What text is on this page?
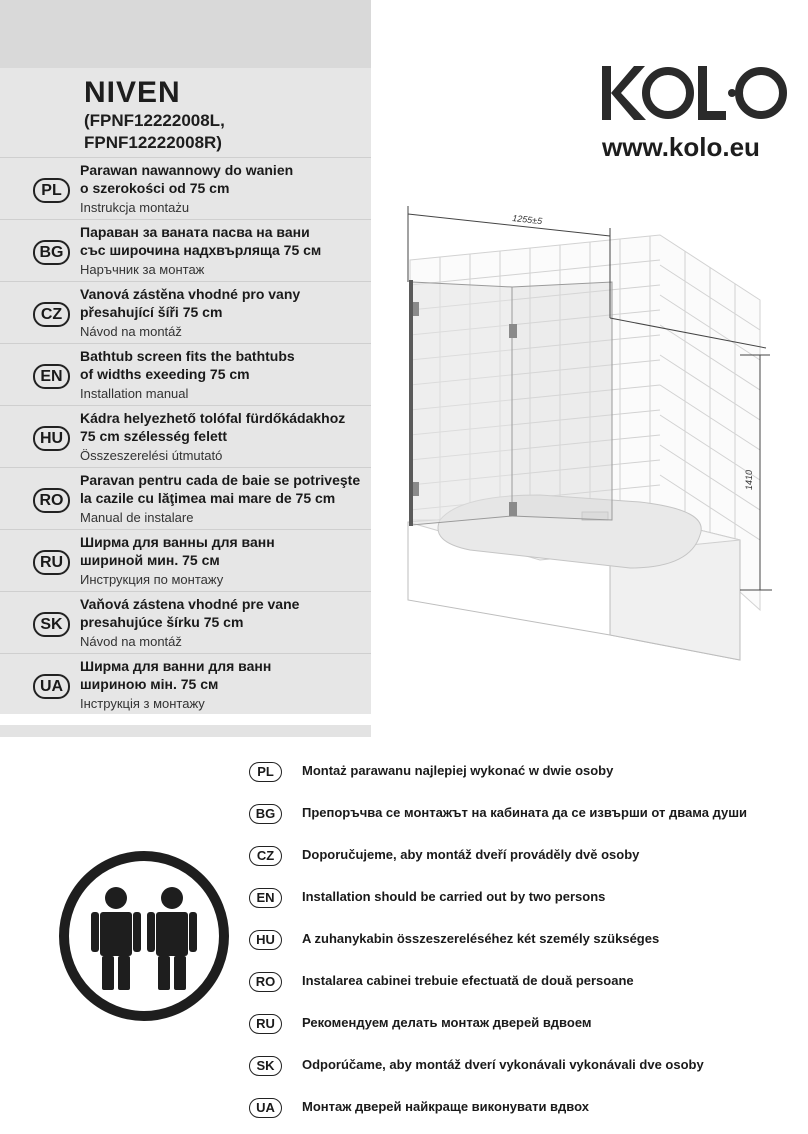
NIVEN
(FPNF12222008L,
FPNF12222008R)
PL
Parawan nawannowy do wanien
o szerokości od 75 cm
Instrukcja montażu
BG
Параван за ваната пасва на вани
със широчина надхвърляща 75 см
Наръчник за монтаж
CZ
Vanová zástěna vhodné pro vany
přesahující šíři 75 cm
Návod na montáž
EN
Bathtub screen fits the bathtubs
of widths exeeding 75 cm
Installation manual
HU
Kádra helyezhető tolófal fürdőkádakhoz
75 cm szélesség felett
Összeszerelési útmutató
RO
Paravan pentru cada de baie se potriveşte
la cazile cu lăţimea mai mare de 75 cm
Manual de instalare
RU
Ширма для ванны для ванн
шириной мин. 75 см
Инструкция по монтажу
SK
Vaňová zástena vhodné pre vane
presahujúce šírku 75 cm
Návod na montáž
UA
Ширма для ванни для ванн
шириною мін. 75 см
Інструкція з монтажу
www.kolo.eu
1255±5
1410
PL	Montaż parawanu najlepiej wykonać w dwie osoby
BG	Препоръчва се монтажът на кабината да се извърши от двама души
CZ	Doporučujeme, aby montáž dveří prováděly dvě osoby
EN	Installation should be carried out by two persons
HU	A zuhanykabin összeszereléséhez két személy szükséges
RO	Instalarea cabinei trebuie efectuată de două persoane
RU	Рекомендуем делать монтаж дверей вдвоем
SK	Odporúčame, aby montáž dverí vykonávali vykonávali dve osoby
UA	Монтаж дверей найкраще виконувати вдвох
